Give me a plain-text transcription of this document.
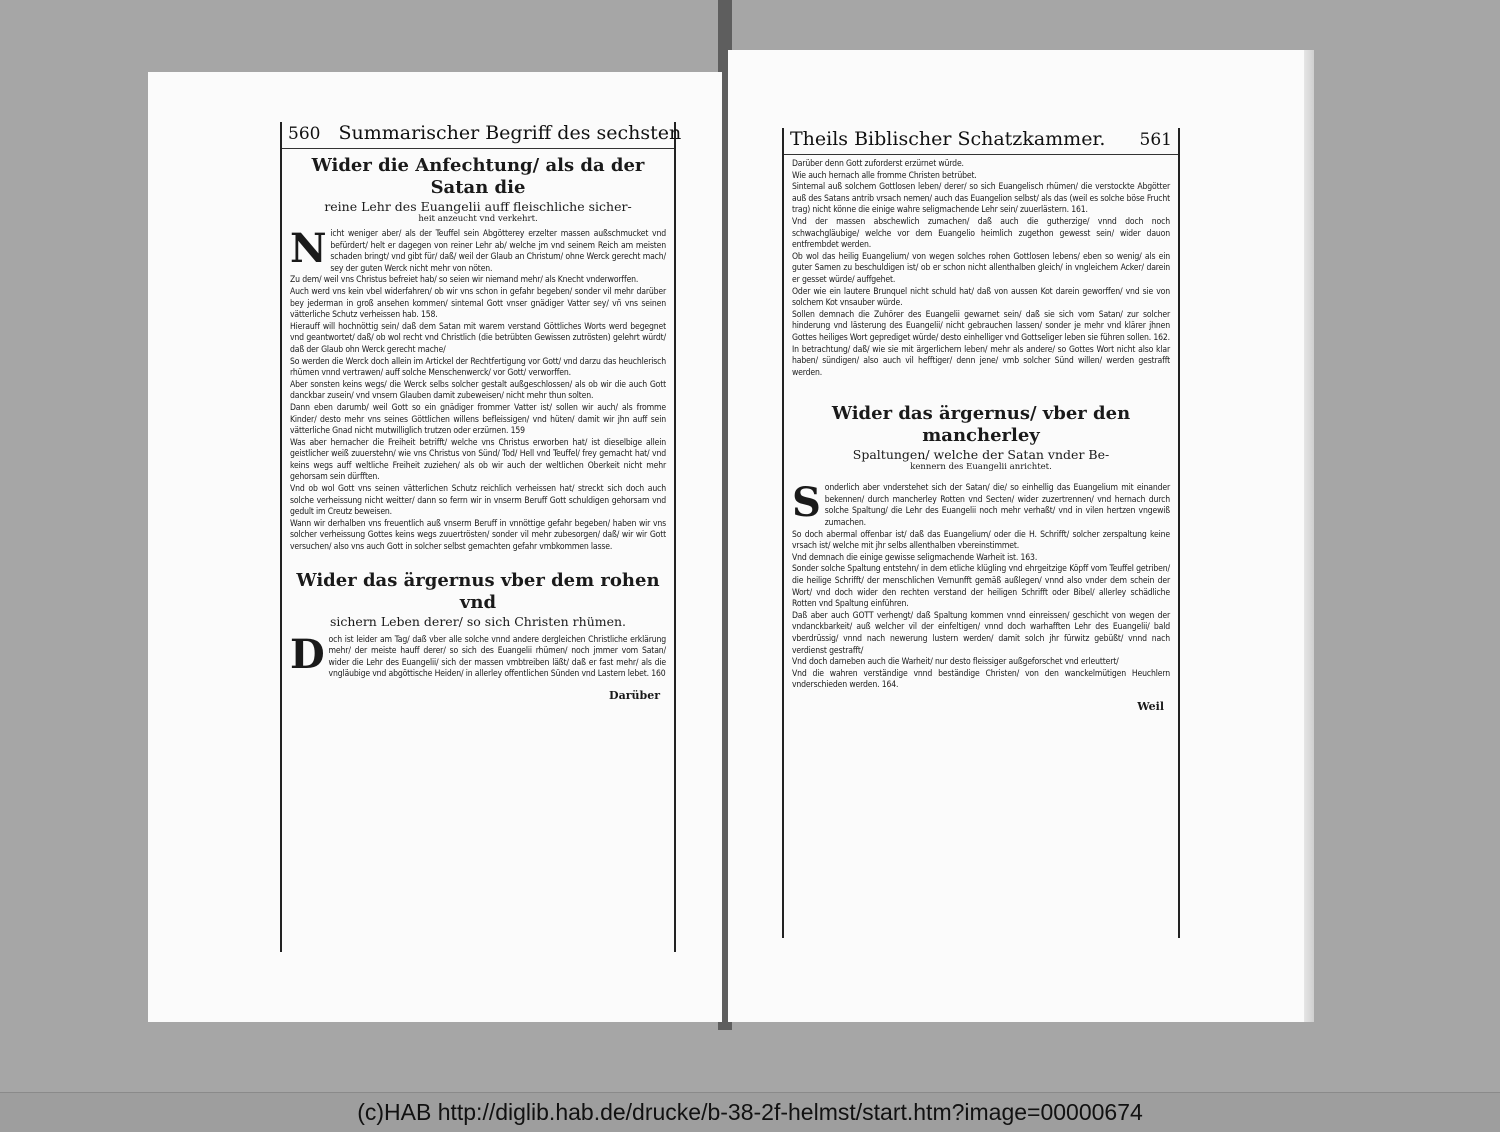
560 Summarischer Begriff des sechsten

Wider die Anfechtung/ als da der Satan die

reine Lehr des Euangelii auff fleischliche sicher-

heit anzeucht vnd verkehrt.

Nicht weniger aber/ als der Teuffel sein Abgötterey erzelter massen außschmucket vnd befürdert/ helt er dagegen von reiner Lehr ab/ welche jm vnd seinem Reich am meisten schaden bringt/ vnd gibt für/ daß/ weil der Glaub an Christum/ ohne Werck gerecht mach/ sey der guten Werck nicht mehr von nöten.

Zu dem/ weil vns Christus befreiet hab/ so seien wir niemand mehr/ als Knecht vnderworffen.

Auch werd vns kein vbel widerfahren/ ob wir vns schon in gefahr begeben/ sonder vil mehr darüber bey jederman in groß ansehen kommen/ sintemal Gott vnser gnädiger Vatter sey/ vñ vns seinen vätterliche Schutz verheissen hab. 158.

Hierauff will hochnöttig sein/ daß dem Satan mit warem verstand Göttliches Worts werd begegnet vnd geantwortet/ daß/ ob wol recht vnd Christlich (die betrübten Gewissen zutrösten) gelehrt würdt/ daß der Glaub ohn Werck gerecht mache/

So werden die Werck doch allein im Artickel der Rechtfertigung vor Gott/ vnd darzu das heuchlerisch rhümen vnnd vertrawen/ auff solche Menschenwerck/ vor Gott/ verworffen.

Aber sonsten keins wegs/ die Werck selbs solcher gestalt außgeschlossen/ als ob wir die auch Gott danckbar zusein/ vnd vnsern Glauben damit zubeweisen/ nicht mehr thun solten.

Dann eben darumb/ weil Gott so ein gnädiger frommer Vatter ist/ sollen wir auch/ als fromme Kinder/ desto mehr vns seines Göttlichen willens befleissigen/ vnd hüten/ damit wir jhn auff sein vätterliche Gnad nicht mutwilliglich trutzen oder erzürnen. 159

Was aber hernacher die Freiheit betrifft/ welche vns Christus erworben hat/ ist dieselbige allein geistlicher weiß zuuerstehn/ wie vns Christus von Sünd/ Tod/ Hell vnd Teuffel/ frey gemacht hat/ vnd keins wegs auff weltliche Freiheit zuziehen/ als ob wir auch der weltlichen Oberkeit nicht mehr gehorsam sein dürfften.

Vnd ob wol Gott vns seinen vätterlichen Schutz reichlich verheissen hat/ streckt sich doch auch solche verheissung nicht weitter/ dann so ferrn wir in vnserm Beruff Gott schuldigen gehorsam vnd gedult im Creutz beweisen.

Wann wir derhalben vns freuentlich auß vnserm Beruff in vnnöttige gefahr begeben/ haben wir vns solcher verheissung Gottes keins wegs zuuertrösten/ sonder vil mehr zubesorgen/ daß/ wir wir Gott versuchen/ also vns auch Gott in solcher selbst gemachten gefahr vmbkommen lasse.

Wider das ärgernus vber dem rohen vnd

sichern Leben derer/ so sich Christen rhümen.

Doch ist leider am Tag/ daß vber alle solche vnnd andere dergleichen Christliche erklärung mehr/ der meiste hauff derer/ so sich des Euangelii rhümen/ noch jmmer vom Satan/ wider die Lehr des Euangelii/ sich der massen vmbtreiben läßt/ daß er fast mehr/ als die vngläubige vnd abgöttische Heiden/ in allerley offentlichen Sünden vnd Lastern lebet. 160

Darüber
Theils Biblischer Schatzkammer. 561

Darüber denn Gott zuforderst erzürnet würde.

Wie auch hernach alle fromme Christen betrübet.

Sintemal auß solchem Gottlosen leben/ derer/ so sich Euangelisch rhümen/ die verstockte Abgötter auß des Satans antrib vrsach nemen/ auch das Euangelion selbst/ als das (weil es solche böse Frucht trag) nicht könne die einige wahre seligmachende Lehr sein/ zuuerlästern. 161.

Vnd der massen abschewlich zumachen/ daß auch die gutherzige/ vnnd doch noch schwachgläubige/ welche vor dem Euangelio heimlich zugethon gewesst sein/ wider dauon entfrembdet werden.

Ob wol das heilig Euangelium/ von wegen solches rohen Gottlosen lebens/ eben so wenig/ als ein guter Samen zu beschuldigen ist/ ob er schon nicht allenthalben gleich/ in vngleichem Acker/ darein er gesset würde/ auffgehet.

Oder wie ein lautere Brunquel nicht schuld hat/ daß von aussen Kot darein geworffen/ vnd sie von solchem Kot vnsauber würde.

Sollen demnach die Zuhörer des Euangelii gewarnet sein/ daß sie sich vom Satan/ zur solcher hinderung vnd lästerung des Euangelii/ nicht gebrauchen lassen/ sonder je mehr vnd klärer jhnen Gottes heiliges Wort geprediget würde/ desto einhelliger vnd Gottseliger leben sie führen sollen. 162.

In betrachtung/ daß/ wie sie mit ärgerlichern leben/ mehr als andere/ so Gottes Wort nicht also klar haben/ sündigen/ also auch vil hefftiger/ denn jene/ vmb solcher Sünd willen/ werden gestrafft werden.

Wider das ärgernus/ vber den mancherley

Spaltungen/ welche der Satan vnder Be-

kennern des Euangelii anrichtet.

Sonderlich aber vnderstehet sich der Satan/ die/ so einhellig das Euangelium mit einander bekennen/ durch mancherley Rotten vnd Secten/ wider zuzertrennen/ vnd hernach durch solche Spaltung/ die Lehr des Euangelii noch mehr verhaßt/ vnd in vilen hertzen vngewiß zumachen.

So doch abermal offenbar ist/ daß das Euangelium/ oder die H. Schrifft/ solcher zerspaltung keine vrsach ist/ welche mit jhr selbs allenthalben vbereinstimmet.

Vnd demnach die einige gewisse seligmachende Warheit ist. 163.

Sonder solche Spaltung entstehn/ in dem etliche klügling vnd ehrgeitzige Köpff vom Teuffel getriben/ die heilige Schrifft/ der menschlichen Vernunfft gemäß außlegen/ vnnd also vnder dem schein der Wort/ vnd doch wider den rechten verstand der heiligen Schrifft oder Bibel/ allerley schädliche Rotten vnd Spaltung einführen.

Daß aber auch GOTT verhengt/ daß Spaltung kommen vnnd einreissen/ geschicht von wegen der vndanckbarkeit/ auß welcher vil der einfeltigen/ vnnd doch warhafften Lehr des Euangelii/ bald vberdrüssig/ vnnd nach newerung lustern werden/ damit solch jhr fürwitz gebüßt/ vnnd nach verdienst gestrafft/

Vnd doch darneben auch die Warheit/ nur desto fleissiger außgeforschet vnd erleuttert/

Vnd die wahren verständige vnnd beständige Christen/ von den wanckelmütigen Heuchlern vnderschieden werden. 164.

Weil
(c)HAB http://diglib.hab.de/drucke/b-38-2f-helmst/start.htm?image=00000674
